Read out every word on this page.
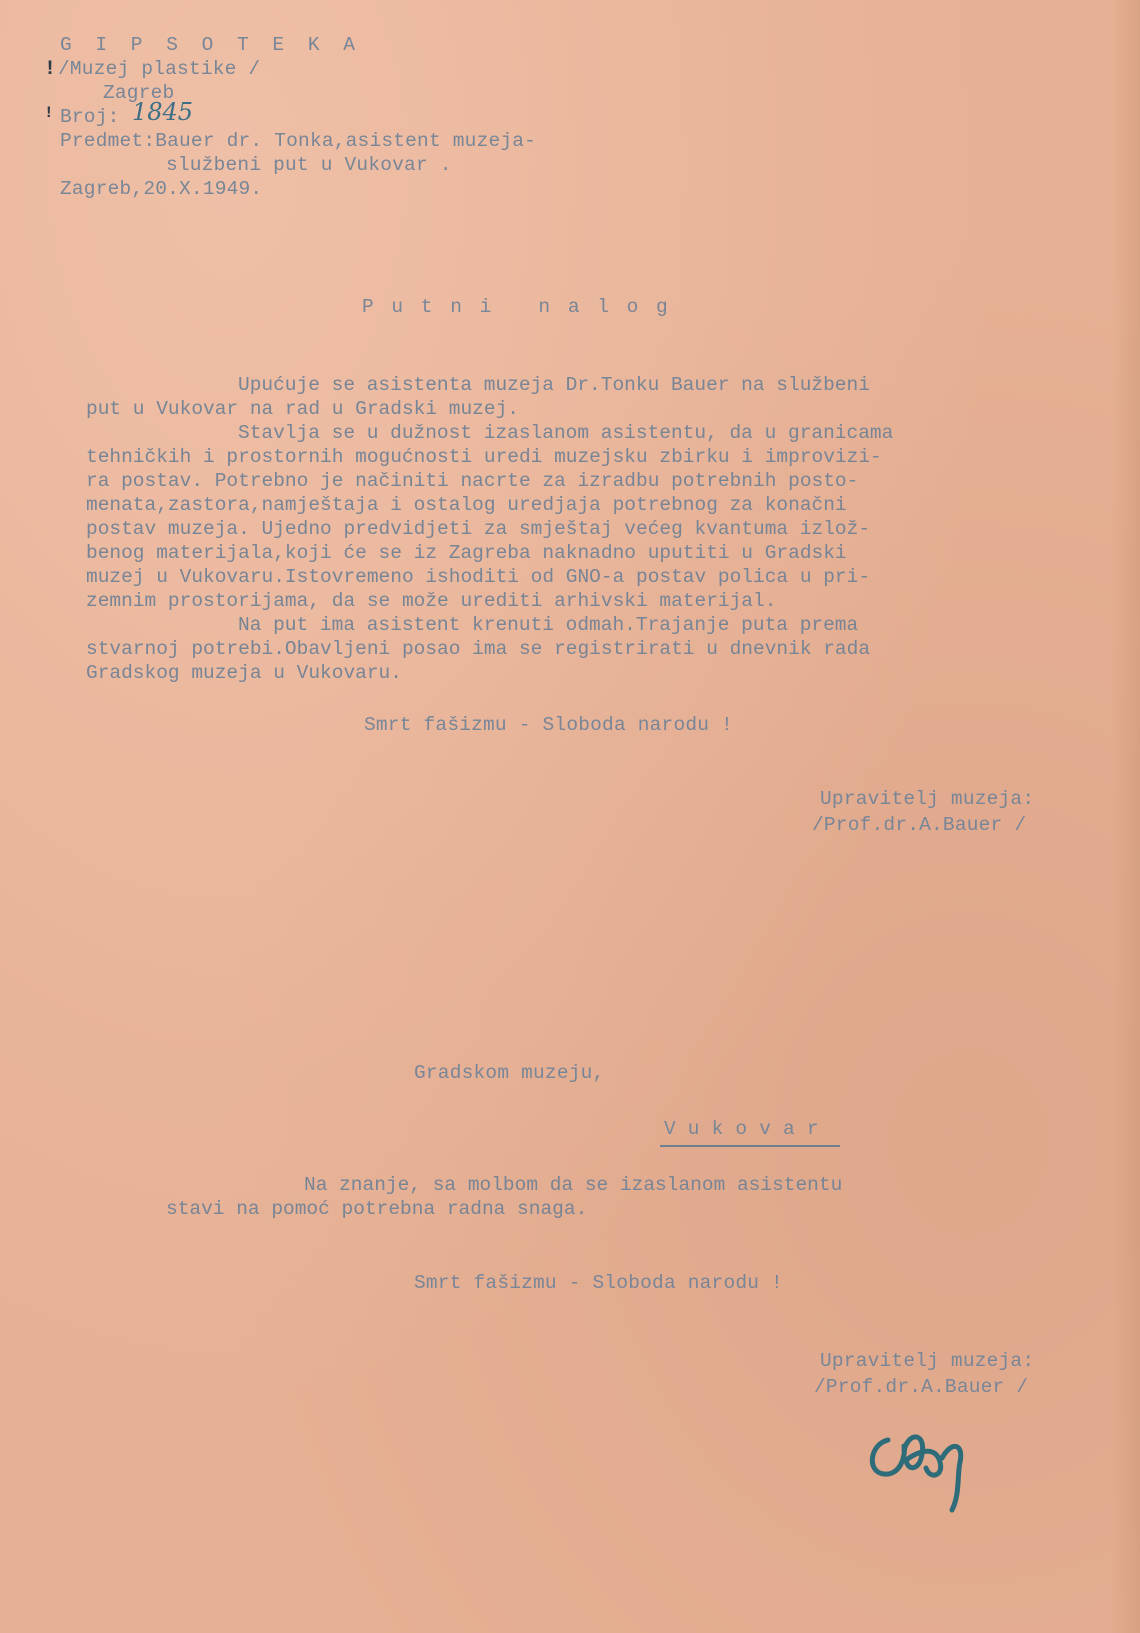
G I P S O T E K A
! /Muzej plastike /
Zagreb
! Broj: 1845
Predmet:Bauer dr. Tonka,asistent muzeja-
službeni put u Vukovar .
Zagreb,20.X.1949.
P u t n i   n a l o g
Upućuje se asistenta muzeja Dr.Tonku Bauer na službeni
put u Vukovar na rad u Gradski muzej.
Stavlja se u dužnost izaslanom asistentu, da u granicama
tehničkih i prostornih mogućnosti uredi muzejsku zbirku i improvizi-
ra postav. Potrebno je načiniti nacrte za izradbu potrebnih posto-
menata,zastora,namještaja i ostalog uredjaja potrebnog za konačni
postav muzeja. Ujedno predvidjeti za smještaj većeg kvantuma izlož-
benog materijala,koji će se iz Zagreba naknadno uputiti u Gradski
muzej u Vukovaru.Istovremeno ishoditi od GNO-a postav polica u pri-
zemnim prostorijama, da se može urediti arhivski materijal.
Na put ima asistent krenuti odmah.Trajanje puta prema
stvarnoj potrebi.Obavljeni posao ima se registrirati u dnevnik rada
Gradskog muzeja u Vukovaru.
Smrt fašizmu - Sloboda narodu !
Upravitelj muzeja:
/Prof.dr.A.Bauer /
Gradskom muzeju,
V u k o v a r
Na znanje, sa molbom da se izaslanom asistentu
stavi na pomoć potrebna radna snaga.
Smrt fašizmu - Sloboda narodu !
Upravitelj muzeja:
/Prof.dr.A.Bauer /
